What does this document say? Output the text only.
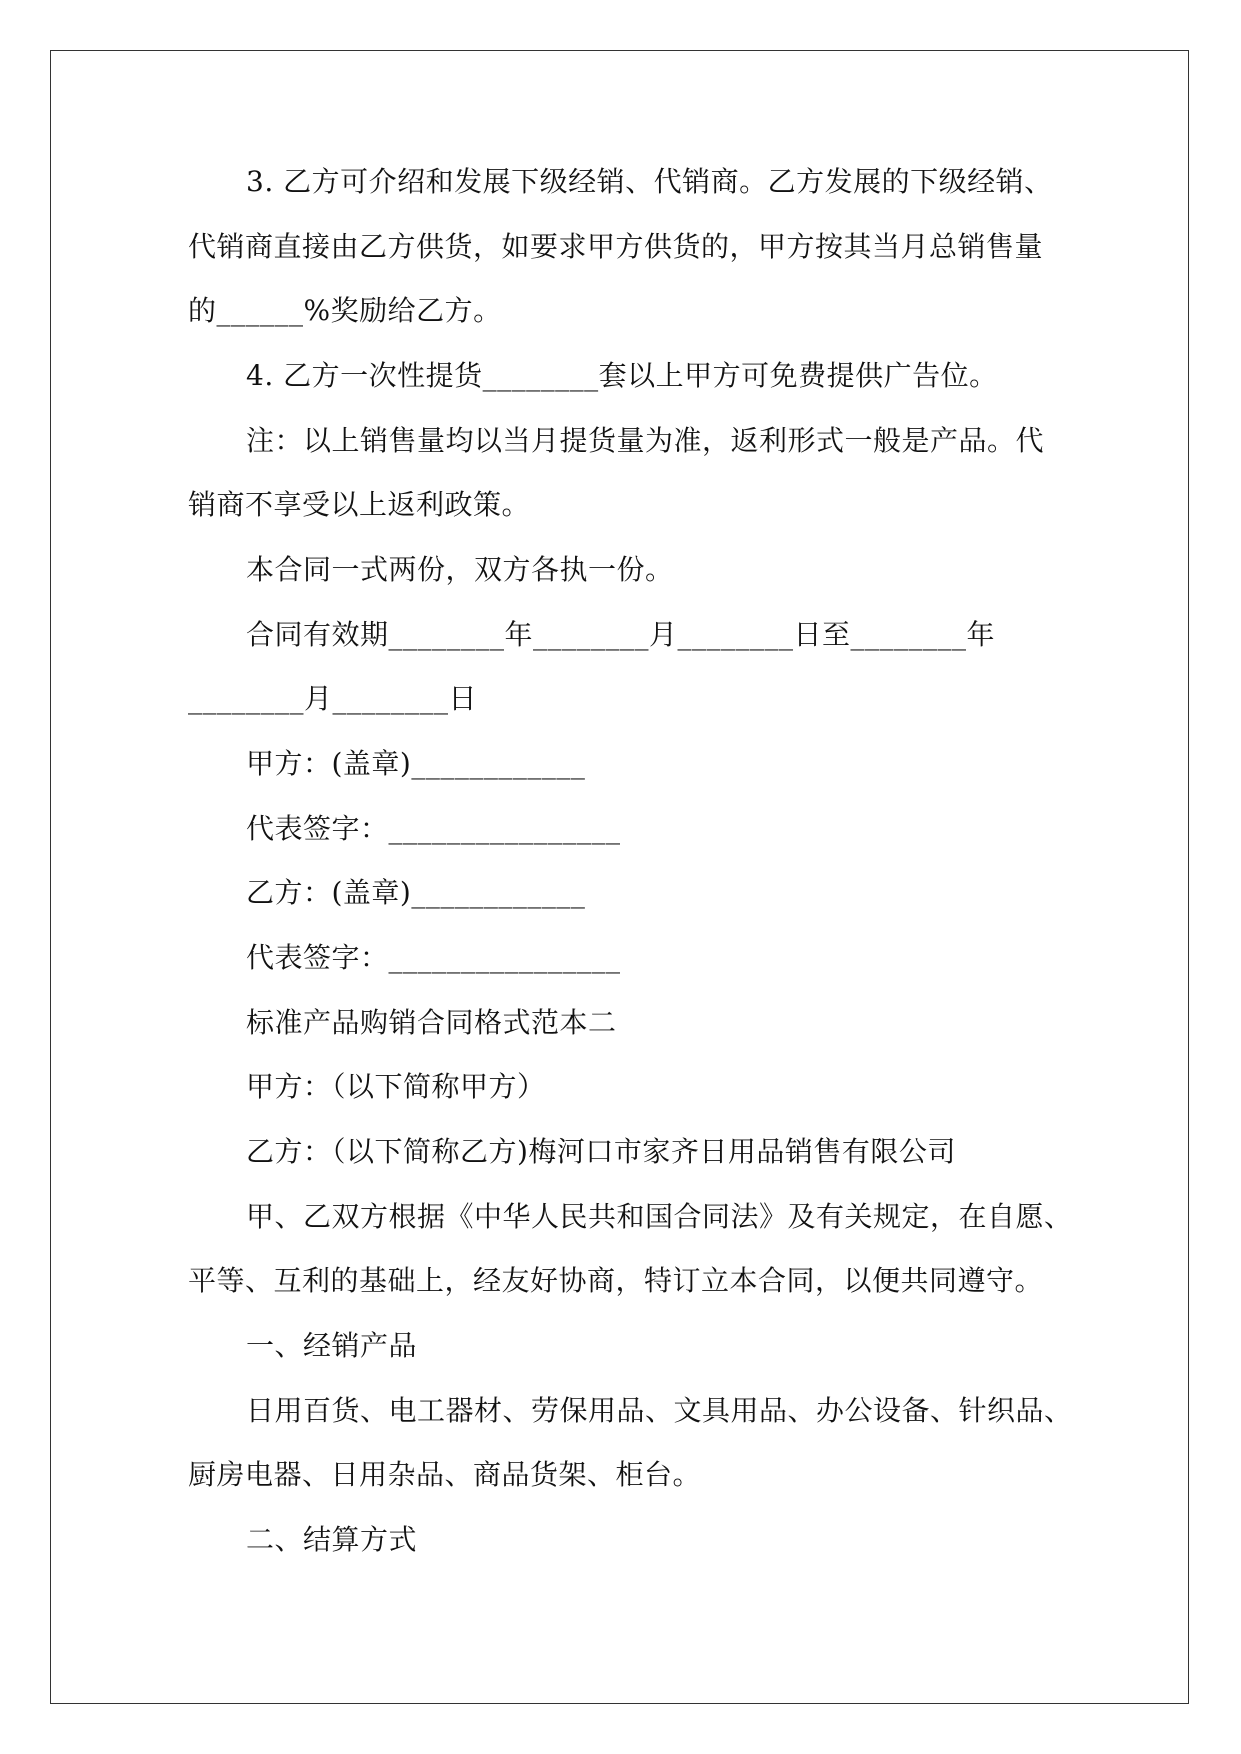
3. 乙方可介绍和发展下级经销、代销商。乙方发展的下级经销、
代销商直接由乙方供货，如要求甲方供货的，甲方按其当月总销售量
的______%奖励给乙方。
4. 乙方一次性提货________套以上甲方可免费提供广告位。
注：以上销售量均以当月提货量为准，返利形式一般是产品。代
销商不享受以上返利政策。
本合同一式两份，双方各执一份。
合同有效期________年________月________日至________年
________月________日
甲方：(盖章)____________
代表签字：________________
乙方：(盖章)____________
代表签字：________________
标准产品购销合同格式范本二
甲方：（以下简称甲方）
乙方：（以下简称乙方)梅河口市家齐日用品销售有限公司
甲、乙双方根据《中华人民共和国合同法》及有关规定，在自愿、
平等、互利的基础上，经友好协商，特订立本合同，以便共同遵守。
一、经销产品
日用百货、电工器材、劳保用品、文具用品、办公设备、针织品、
厨房电器、日用杂品、商品货架、柜台。
二、结算方式
